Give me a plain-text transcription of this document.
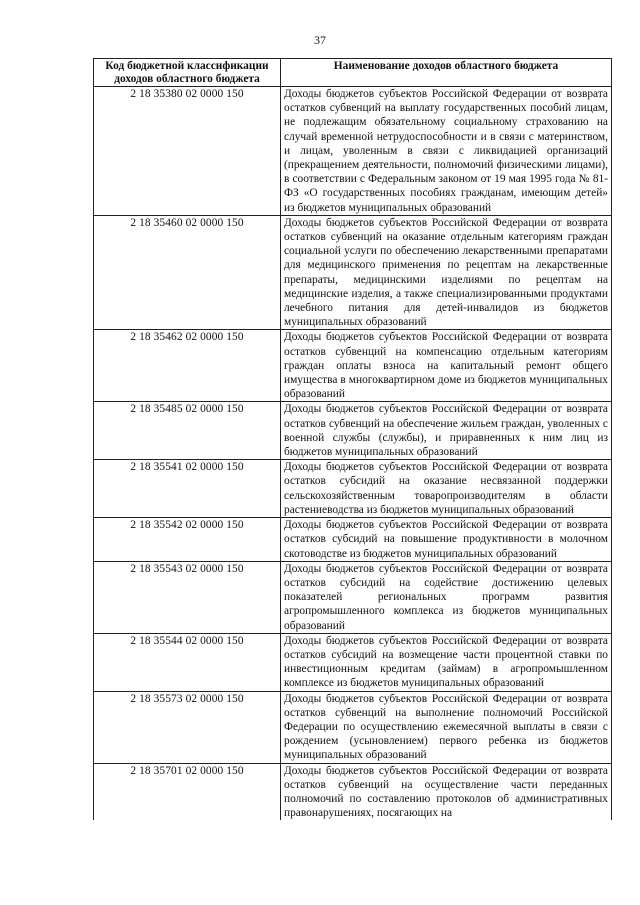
37
Код бюджетной классификации доходов областного бюджета	Наименование доходов областного бюджета
2 18 35380 02 0000 150	Доходы бюджетов субъектов Российской Федерации от возврата остатков субвенций на выплату государственных пособий лицам, не подлежащим обязательному социальному страхованию на случай временной нетрудоспособности и в связи с материнством, и лицам, уволенным в связи с ликвидацией организаций (прекращением деятельности, полномочий физическими лицами), в соответствии с Федеральным законом от 19 мая 1995 года № 81-ФЗ «О государственных пособиях гражданам, имеющим детей» из бюджетов муниципальных образований
2 18 35460 02 0000 150	Доходы бюджетов субъектов Российской Федерации от возврата остатков субвенций на оказание отдельным категориям граждан социальной услуги по обеспечению лекарственными препаратами для медицинского применения по рецептам на лекарственные препараты, медицинскими изделиями по рецептам на медицинские изделия, а также специализированными продуктами лечебного питания для детей-инвалидов из бюджетов муниципальных образований
2 18 35462 02 0000 150	Доходы бюджетов субъектов Российской Федерации от возврата остатков субвенций на компенсацию отдельным категориям граждан оплаты взноса на капитальный ремонт общего имущества в многоквартирном доме из бюджетов муниципальных образований
2 18 35485 02 0000 150	Доходы бюджетов субъектов Российской Федерации от возврата остатков субвенций на обеспечение жильем граждан, уволенных с военной службы (службы), и приравненных к ним лиц из бюджетов муниципальных образований
2 18 35541 02 0000 150	Доходы бюджетов субъектов Российской Федерации от возврата остатков субсидий на оказание несвязанной поддержки сельскохозяйственным товаропроизводителям в области растениеводства из бюджетов муниципальных образований
2 18 35542 02 0000 150	Доходы бюджетов субъектов Российской Федерации от возврата остатков субсидий на повышение продуктивности в молочном скотоводстве из бюджетов муниципальных образований
2 18 35543 02 0000 150	Доходы бюджетов субъектов Российской Федерации от возврата остатков субсидий на содействие достижению целевых показателей региональных программ развития агропромышленного комплекса из бюджетов муниципальных образований
2 18 35544 02 0000 150	Доходы бюджетов субъектов Российской Федерации от возврата остатков субсидий на возмещение части процентной ставки по инвестиционным кредитам (займам) в агропромышленном комплексе из бюджетов муниципальных образований
2 18 35573 02 0000 150	Доходы бюджетов субъектов Российской Федерации от возврата остатков субвенций на выполнение полномочий Российской Федерации по осуществлению ежемесячной выплаты в связи с рождением (усыновлением) первого ребенка из бюджетов муниципальных образований
2 18 35701 02 0000 150	Доходы бюджетов субъектов Российской Федерации от возврата остатков субвенций на осуществление части переданных полномочий по составлению протоколов об административных правонарушениях, посягающих на
